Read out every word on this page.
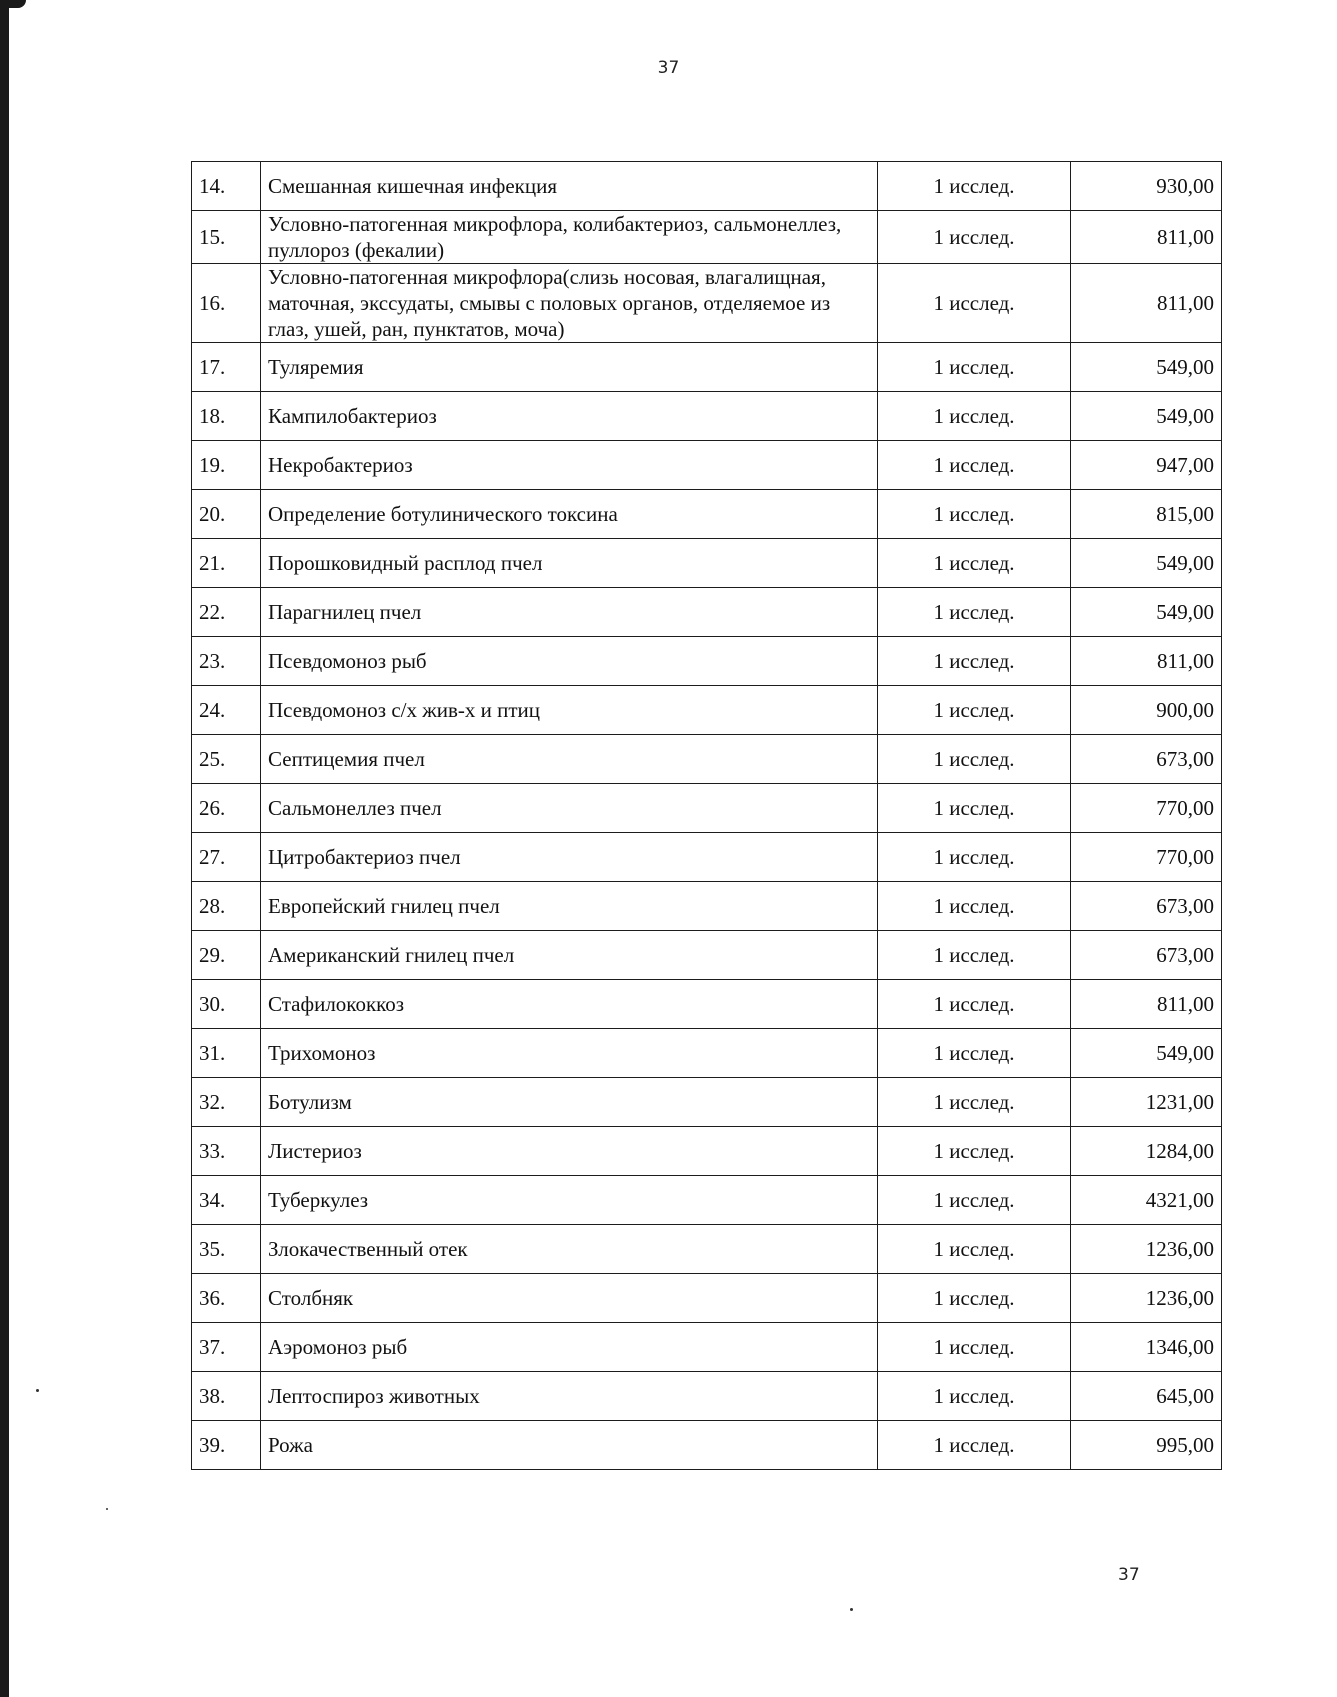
37
14.	Смешанная кишечная инфекция	1 исслед.	930,00
15.	Условно-патогенная микрофлора, колибактериоз, сальмонеллез, пуллороз (фекалии)	1 исслед.	811,00
16.	Условно-патогенная микрофлора(слизь носовая, влагалищная, маточная, экссудаты, смывы с половых органов, отделяемое из глаз, ушей, ран, пунктатов, моча)	1 исслед.	811,00
17.	Туляремия	1 исслед.	549,00
18.	Кампилобактериоз	1 исслед.	549,00
19.	Некробактериоз	1 исслед.	947,00
20.	Определение ботулинического токсина	1 исслед.	815,00
21.	Порошковидный расплод пчел	1 исслед.	549,00
22.	Парагнилец пчел	1 исслед.	549,00
23.	Псевдомоноз рыб	1 исслед.	811,00
24.	Псевдомоноз с/х жив-х и птиц	1 исслед.	900,00
25.	Септицемия пчел	1 исслед.	673,00
26.	Сальмонеллез пчел	1 исслед.	770,00
27.	Цитробактериоз пчел	1 исслед.	770,00
28.	Европейский гнилец пчел	1 исслед.	673,00
29.	Американский гнилец пчел	1 исслед.	673,00
30.	Стафилококкоз	1 исслед.	811,00
31.	Трихомоноз	1 исслед.	549,00
32.	Ботулизм	1 исслед.	1231,00
33.	Листериоз	1 исслед.	1284,00
34.	Туберкулез	1 исслед.	4321,00
35.	Злокачественный отек	1 исслед.	1236,00
36.	Столбняк	1 исслед.	1236,00
37.	Аэромоноз рыб	1 исслед.	1346,00
38.	Лептоспироз животных	1 исслед.	645,00
39.	Рожа	1 исслед.	995,00
37
